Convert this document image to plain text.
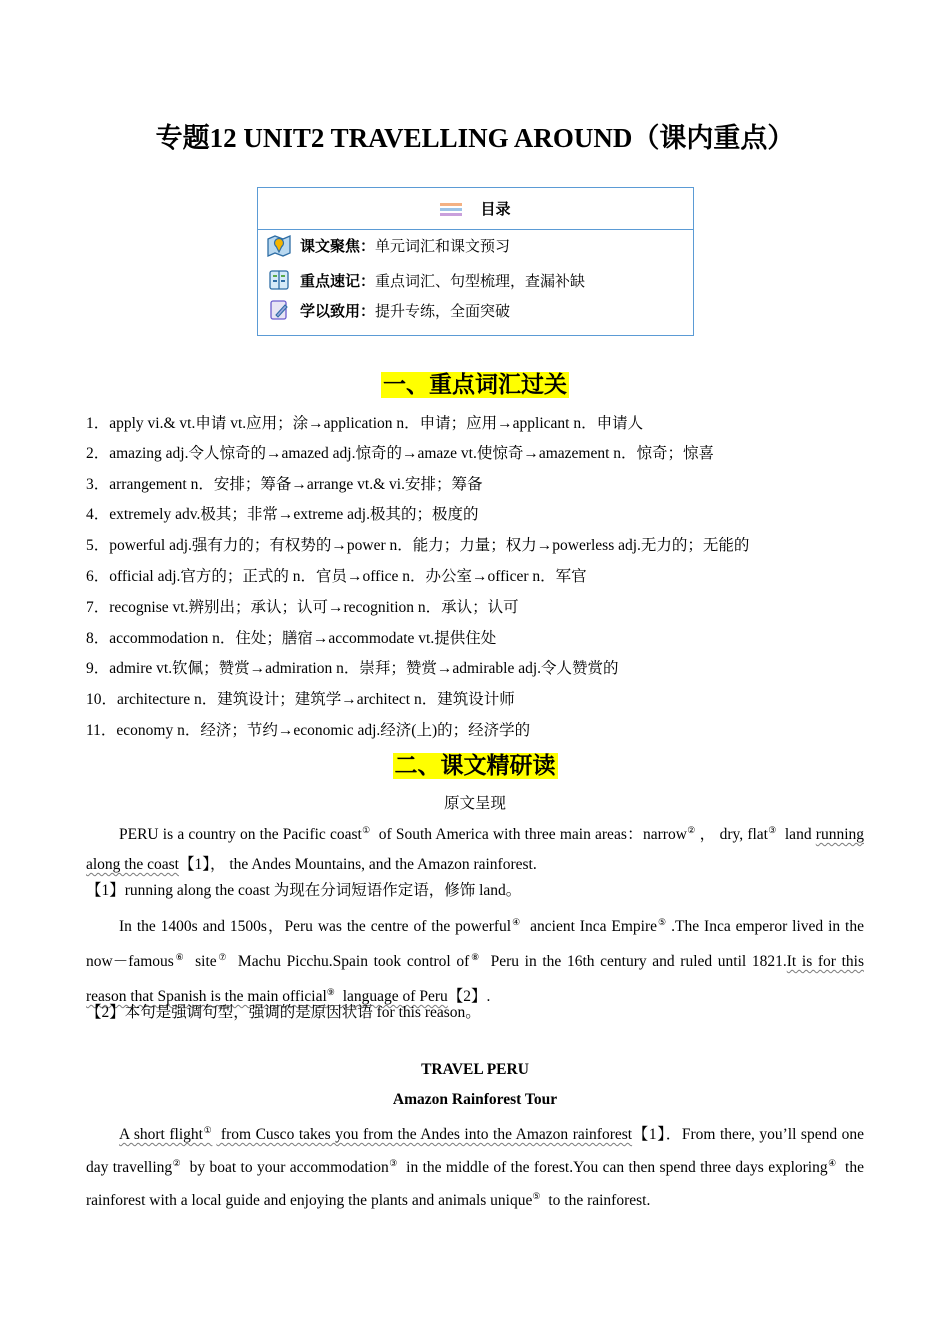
专题12 UNIT2 TRAVELLING AROUND（课内重点）
目录
课文聚焦： 单元词汇和课文预习
重点速记： 重点词汇、句型梳理，查漏补缺
学以致用： 提升专练，全面突破
一、重点词汇过关
1．apply vi.& vt.申请 vt.应用；涂→application n．申请；应用→applicant n．申请人
2．amazing adj.令人惊奇的→amazed adj.惊奇的→amaze vt.使惊奇→amazement n．惊奇；惊喜
3．arrangement n．安排；筹备→arrange vt.& vi.安排；筹备
4．extremely adv.极其；非常→extreme adj.极其的；极度的
5．powerful adj.强有力的；有权势的→power n．能力；力量；权力→powerless adj.无力的；无能的
6．official adj.官方的；正式的 n．官员→office n．办公室→officer n．军官
7．recognise vt.辨别出；承认；认可→recognition n．承认；认可
8．accommodation n．住处；膳宿→accommodate vt.提供住处
9．admire vt.钦佩；赞赏→admiration n．崇拜；赞赏→admirable adj.令人赞赏的
10．architecture n．建筑设计；建筑学→architect n．建筑设计师
11．economy n．经济；节约→economic adj.经济(上)的；经济学的
二、课文精研读
原文呈现
PERU is a country on the Pacific coast① of South America with three main areas：narrow② ， dry, flat③ land running along the coast【1】， the Andes Mountains, and the Amazon rainforest.
【1】running along the coast 为现在分词短语作定语，修饰 land。
In the 1400s and 1500s，Peru was the centre of the powerful④ ancient Inca Empire⑤ .The Inca emperor lived in the now－famous⑥ site⑦ Machu Picchu.Spain took control of⑧ Peru in the 16th century and ruled until 1821.It is for this reason that Spanish is the main official⑨ language of Peru【2】.
【2】本句是强调句型，强调的是原因状语 for this reason。
TRAVEL PERU
Amazon Rainforest Tour
A short flight① from Cusco takes you from the Andes into the Amazon rainforest【1】．From there, you’ll spend one day travelling② by boat to your accommodation③ in the middle of the forest.You can then spend three days exploring④ the rainforest with a local guide and enjoying the plants and animals unique⑤ to the rainforest.
